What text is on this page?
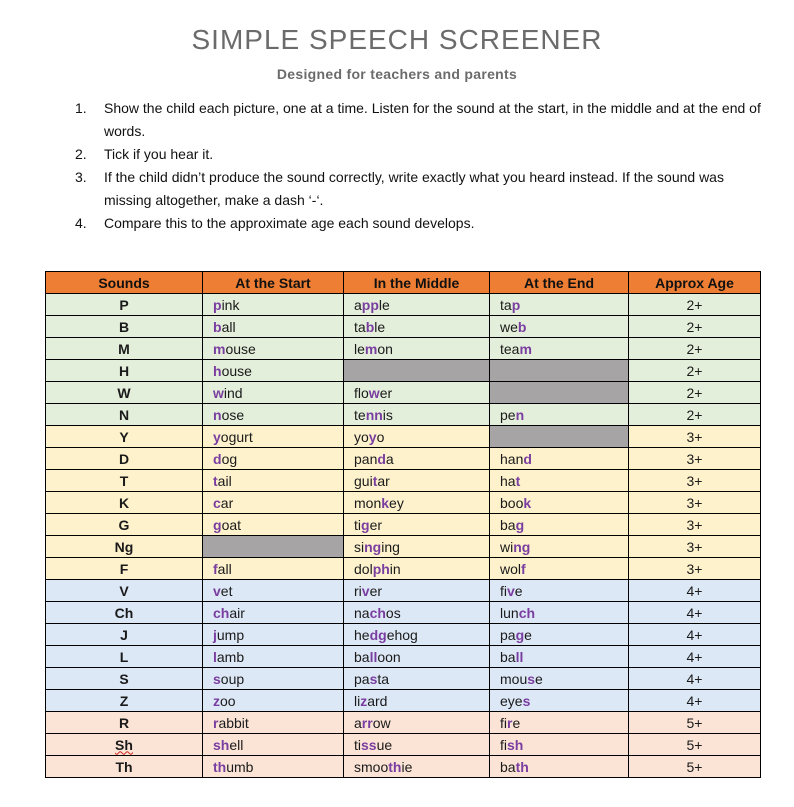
SIMPLE SPEECH SCREENER
Designed for teachers and parents
1. Show the child each picture, one at a time. Listen for the sound at the start, in the middle and at the end of words.
2. Tick if you hear it.
3. If the child didn’t produce the sound correctly, write exactly what you heard instead. If the sound was missing altogether, make a dash ‘-‘.
4. Compare this to the approximate age each sound develops.
Sounds	At the Start	In the Middle	At the End	Approx Age
P	pink	apple	tap	2+
B	ball	table	web	2+
M	mouse	lemon	team	2+
H	house			2+
W	wind	flower		2+
N	nose	tennis	pen	2+
Y	yogurt	yoyo		3+
D	dog	panda	hand	3+
T	tail	guitar	hat	3+
K	car	monkey	book	3+
G	goat	tiger	bag	3+
Ng		singing	wing	3+
F	fall	dolphin	wolf	3+
V	vet	river	five	4+
Ch	chair	nachos	lunch	4+
J	jump	hedgehog	page	4+
L	lamb	balloon	ball	4+
S	soup	pasta	mouse	4+
Z	zoo	lizard	eyes	4+
R	rabbit	arrow	fire	5+
Sh	shell	tissue	fish	5+
Th	thumb	smoothie	bath	5+
